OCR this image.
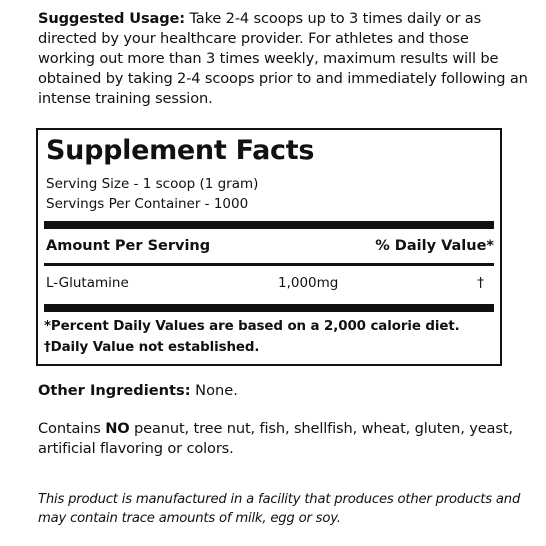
Suggested Usage: Take 2-4 scoops up to 3 times daily or as directed by your healthcare provider. For athletes and those working out more than 3 times weekly, maximum results will be obtained by taking 2-4 scoops prior to and immediately following an intense training session.
Supplement Facts
Serving Size - 1 scoop (1 gram)
Servings Per Container - 1000
Amount Per Serving	% Daily Value*
L-Glutamine	1,000mg	†
*Percent Daily Values are based on a 2,000 calorie diet.
†Daily Value not established.
Other Ingredients: None.
Contains NO peanut, tree nut, fish, shellfish, wheat, gluten, yeast, artificial flavoring or colors.
This product is manufactured in a facility that produces other products and may contain trace amounts of milk, egg or soy.
